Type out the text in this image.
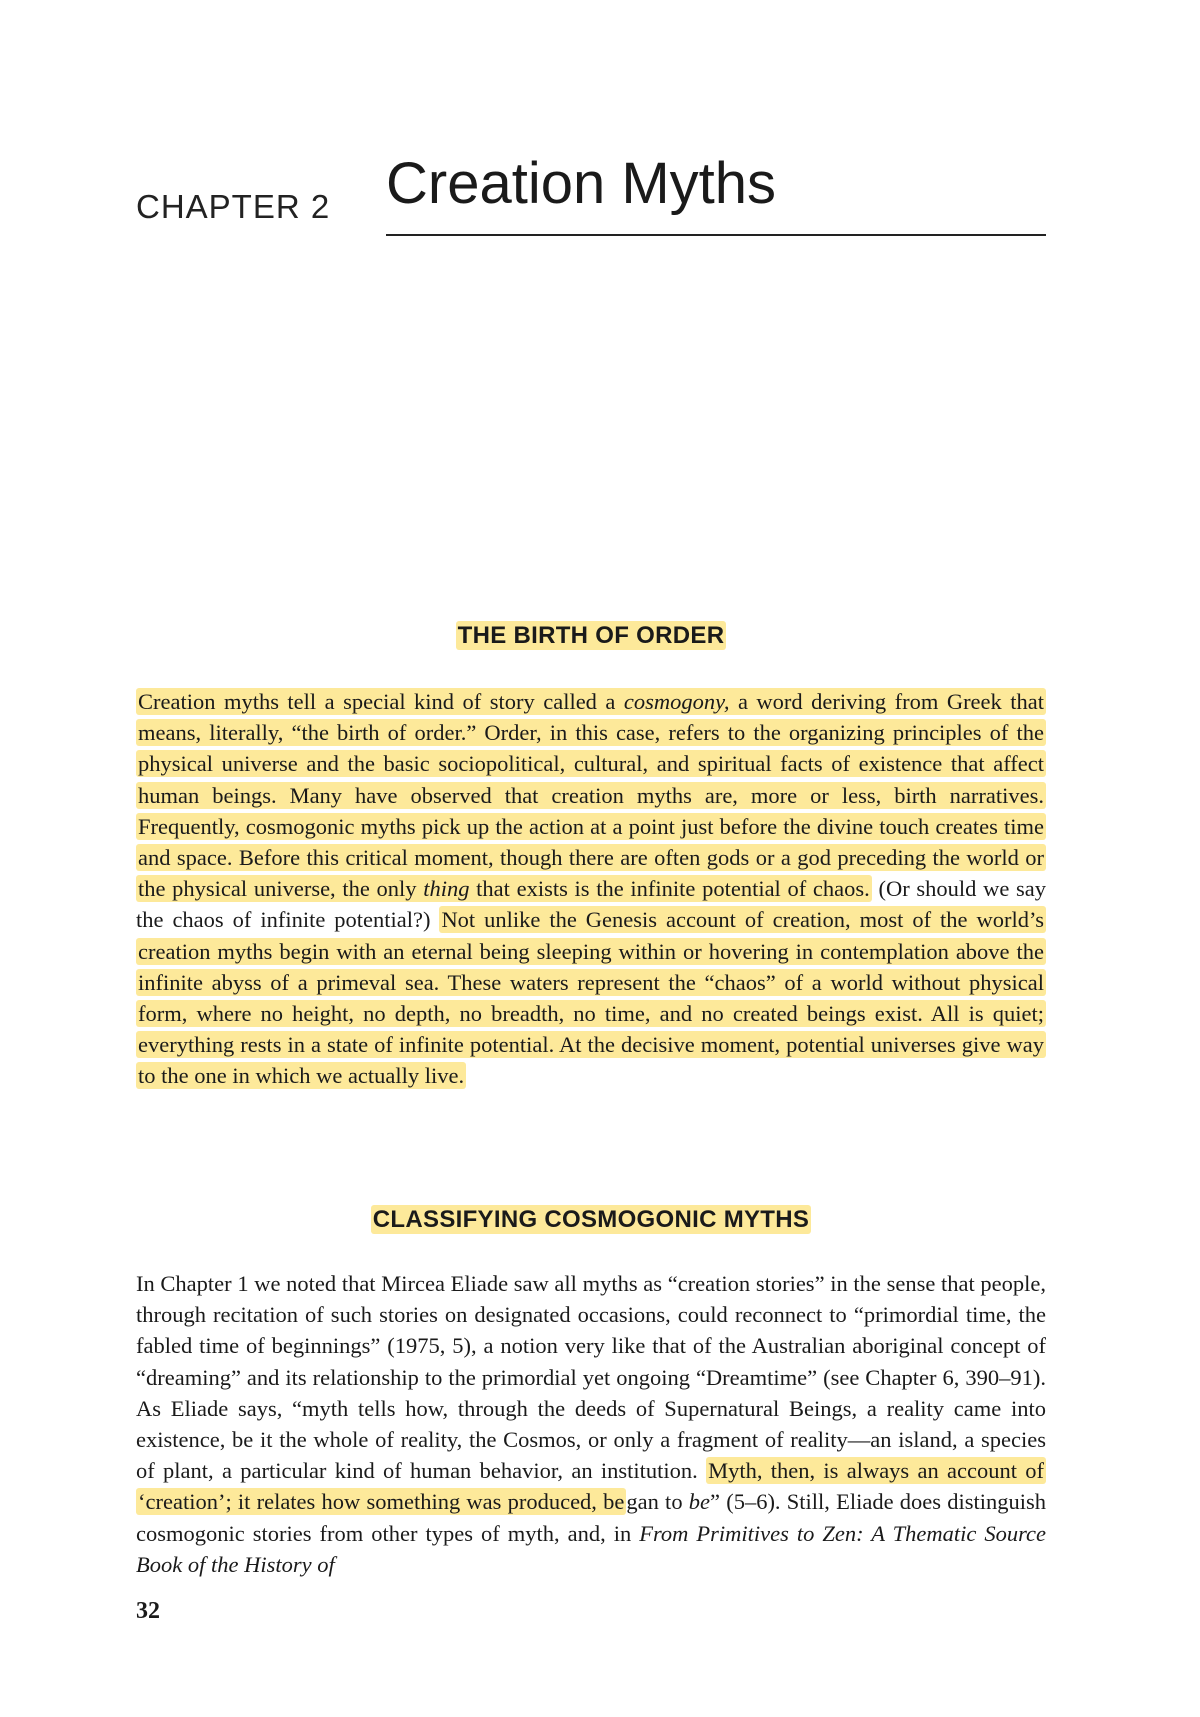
CHAPTER 2 Creation Myths
THE BIRTH OF ORDER

Creation myths tell a special kind of story called a cosmogony, a word deriving from Greek that means, literally, “the birth of order.” Order, in this case, refers to the organizing principles of the physical universe and the basic sociopolitical, cultural, and spiritual facts of existence that affect human beings. Many have observed that creation myths are, more or less, birth narratives. Frequently, cosmogonic myths pick up the action at a point just before the divine touch creates time and space. Before this critical moment, though there are often gods or a god preceding the world or the physical universe, the only thing that exists is the infinite potential of chaos. (Or should we say the chaos of infinite potential?) Not unlike the Genesis account of creation, most of the world’s creation myths begin with an eternal being sleeping within or hovering in contemplation above the infinite abyss of a primeval sea. These waters represent the “chaos” of a world without physical form, where no height, no depth, no breadth, no time, and no created beings exist. All is quiet; everything rests in a state of infinite potential. At the decisive moment, potential universes give way to the one in which we actually live.

CLASSIFYING COSMOGONIC MYTHS

In Chapter 1 we noted that Mircea Eliade saw all myths as “creation stories” in the sense that people, through recitation of such stories on designated occasions, could reconnect to “primordial time, the fabled time of beginnings” (1975, 5), a notion very like that of the Australian aboriginal concept of “dreaming” and its relationship to the primordial yet ongoing “Dreamtime” (see Chapter 6, 390–91). As Eliade says, “myth tells how, through the deeds of Supernatural Beings, a reality came into existence, be it the whole of reality, the Cosmos, or only a fragment of reality—an island, a species of plant, a particular kind of human behavior, an institution. Myth, then, is always an account of ‘creation’; it relates how something was produced, began to be” (5–6). Still, Eliade does distinguish cosmogonic stories from other types of myth, and, in From Primitives to Zen: A Thematic Source Book of the History of

32
